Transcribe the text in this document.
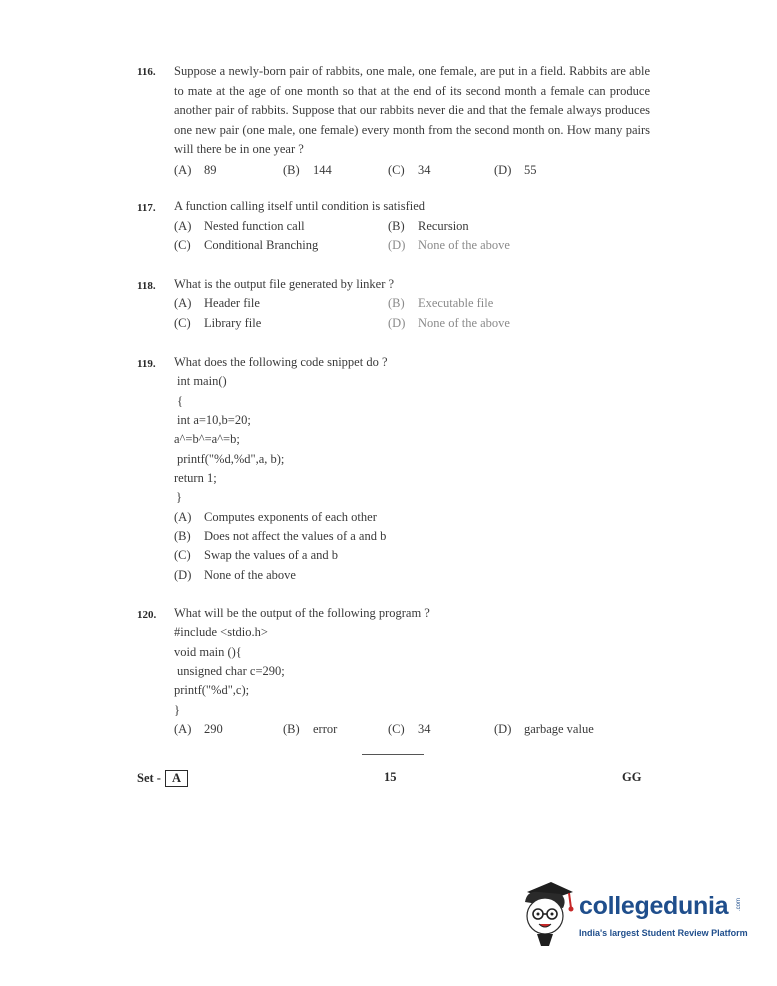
116. Suppose a newly-born pair of rabbits, one male, one female, are put in a field. Rabbits are able to mate at the age of one month so that at the end of its second month a female can produce another pair of rabbits. Suppose that our rabbits never die and that the female always produces one new pair (one male, one female) every month from the second month on. How many pairs will there be in one year ?
(A) 89	(B) 144	(C) 34	(D) 55
117. A function calling itself until condition is satisfied
(A) Nested function call	(B) Recursion
(C) Conditional Branching	(D) None of the above
118. What is the output file generated by linker ?
(A) Header file	(B) Executable file
(C) Library file	(D) None of the above
119. What does the following code snippet do ?
int main()
{
int a=10,b=20;
a^=b^=a^=b;
printf("%d,%d",a, b);
return 1;
}
(A) Computes exponents of each other
(B) Does not affect the values of a and b
(C) Swap the values of a and b
(D) None of the above
120. What will be the output of the following program ?
#include <stdio.h>
void main (){
unsigned char c=290;
printf("%d",c);
}
(A) 290	(B) error	(C) 34	(D) garbage value
Set - A	15	GG
collegedunia .com
India's largest Student Review Platform
